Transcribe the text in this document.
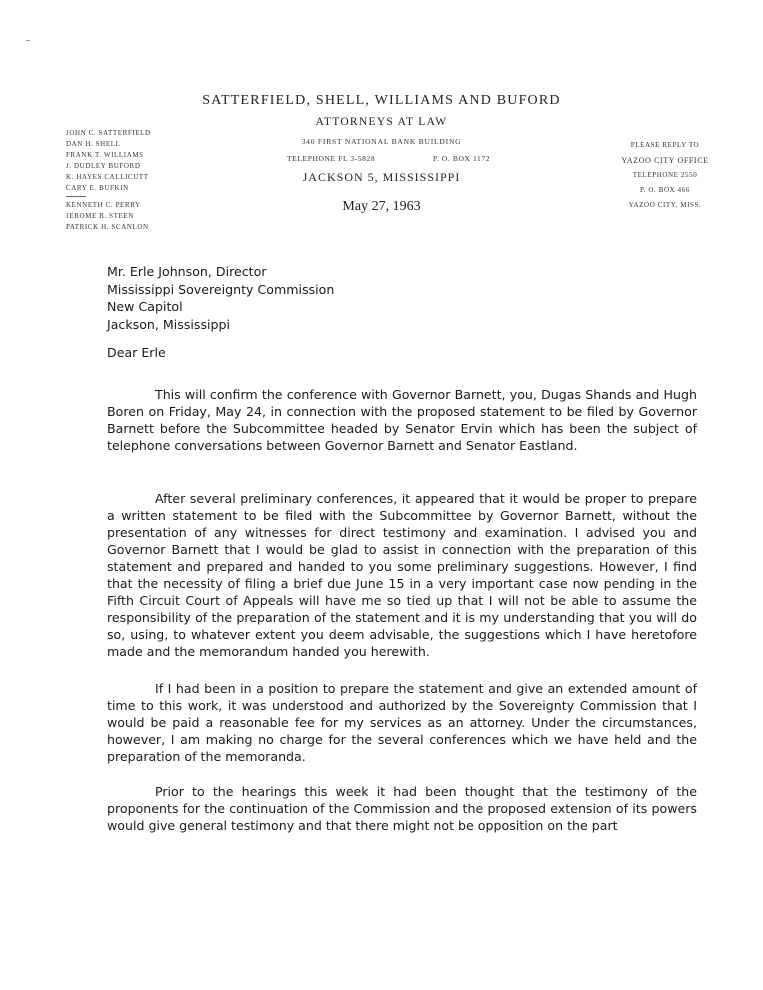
SATTERFIELD, SHELL, WILLIAMS AND BUFORD
ATTORNEYS AT LAW
340 FIRST NATIONAL BANK BUILDING
TELEPHONE FL 3-5828	P. O. BOX 1172
JACKSON 5, MISSISSIPPI
May 27, 1963
JOHN C. SATTERFIELD
DAN H. SHELL
FRANK T. WILLIAMS
J. DUDLEY BUFORD
K. HAYES CALLICUTT
CARY E. BUFKIN
KENNETH C. PERRY
JEROME B. STEEN
PATRICK H. SCANLON
PLEASE REPLY TO
YAZOO CITY OFFICE
TELEPHONE 2550
P. O. BOX 466
YAZOO CITY, MISS.
Mr. Erle Johnson, Director
Mississippi Sovereignty Commission
New Capitol
Jackson, Mississippi
Dear Erle
This will confirm the conference with Governor Barnett, you, Dugas Shands and Hugh Boren on Friday, May 24, in connection with the proposed statement to be filed by Governor Barnett before the Subcommittee headed by Senator Ervin which has been the subject of telephone conversations between Governor Barnett and Senator Eastland.
After several preliminary conferences, it appeared that it would be proper to prepare a written statement to be filed with the Subcommittee by Governor Barnett, without the presentation of any witnesses for direct testimony and examination. I advised you and Governor Barnett that I would be glad to assist in connection with the preparation of this statement and prepared and handed to you some preliminary suggestions. However, I find that the necessity of filing a brief due June 15 in a very important case now pending in the Fifth Circuit Court of Appeals will have me so tied up that I will not be able to assume the responsibility of the preparation of the statement and it is my understanding that you will do so, using, to whatever extent you deem advisable, the suggestions which I have heretofore made and the memorandum handed you herewith.
If I had been in a position to prepare the statement and give an extended amount of time to this work, it was understood and authorized by the Sovereignty Commission that I would be paid a reasonable fee for my services as an attorney. Under the circumstances, however, I am making no charge for the several conferences which we have held and the preparation of the memoranda.
Prior to the hearings this week it had been thought that the testimony of the proponents for the continuation of the Commission and the proposed extension of its powers would give general testimony and that there might not be opposition on the part
